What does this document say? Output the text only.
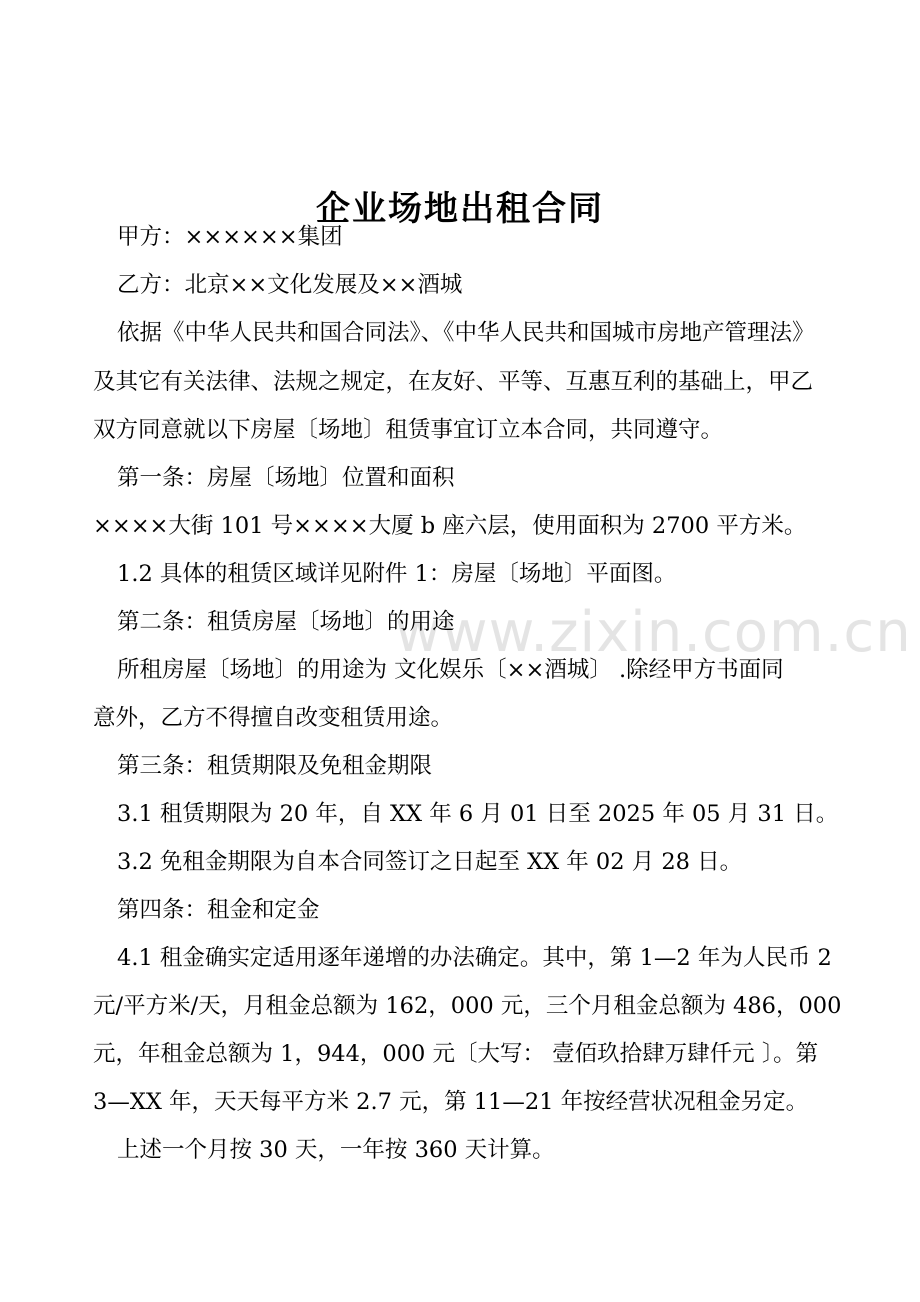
www.zixin.com.cn
企业场地出租合同
甲方：××××××集团
乙方：北京××文化发展及××酒城
依据《中华人民共和国合同法》、《中华人民共和国城市房地产管理法》
及其它有关法律、法规之规定，在友好、平等、互惠互利的基础上，甲乙
双方同意就以下房屋〔场地〕租赁事宜订立本合同，共同遵守。
第一条：房屋〔场地〕位置和面积
××××大街 101 号××××大厦 b 座六层，使用面积为 2700 平方米。
1.2 具体的租赁区域详见附件 1：房屋〔场地〕平面图。
第二条：租赁房屋〔场地〕的用途
所租房屋〔场地〕的用途为 文化娱乐〔××酒城〕 .除经甲方书面同
意外，乙方不得擅自改变租赁用途。
第三条：租赁期限及免租金期限
3.1 租赁期限为 20 年，自 XX 年 6 月 01 日至 2025 年 05 月 31 日。
3.2 免租金期限为自本合同签订之日起至 XX 年 02 月 28 日。
第四条：租金和定金
4.1 租金确实定适用逐年递增的办法确定。其中，第 1—2 年为人民币 2
元/平方米/天，月租金总额为 162，000 元，三个月租金总额为 486，000
元，年租金总额为 1，944，000 元〔大写： 壹佰玖拾肆万肆仟元 〕。第
3—XX 年，天天每平方米 2.7 元，第 11—21 年按经营状况租金另定。
上述一个月按 30 天，一年按 360 天计算。
